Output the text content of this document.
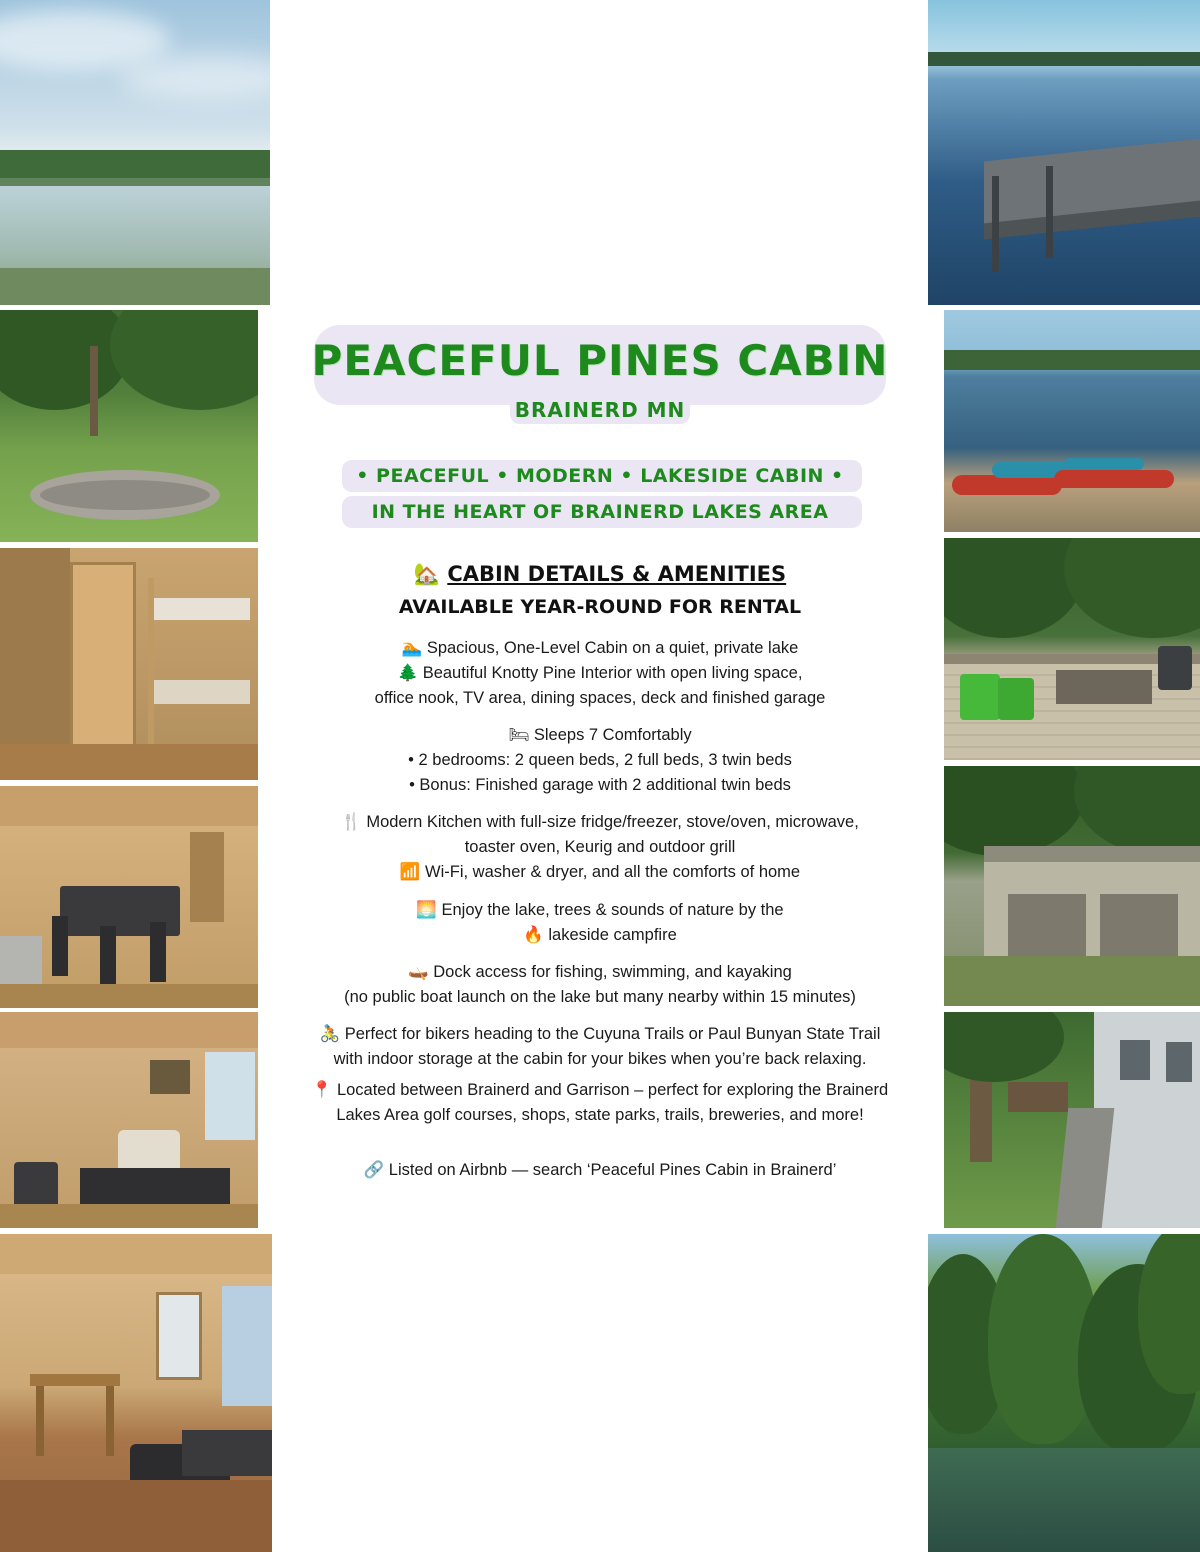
PEACEFUL PINES CABIN
BRAINERD MN
• PEACEFUL • MODERN • LAKESIDE CABIN •
IN THE HEART OF BRAINERD LAKES AREA
🏡 CABIN DETAILS & AMENITIES
AVAILABLE YEAR-ROUND FOR RENTAL
🏊 Spacious, One-Level Cabin on a quiet, private lake
🌲 Beautiful Knotty Pine Interior with open living space,
office nook, TV area, dining spaces, deck and finished garage
🛏 Sleeps 7 Comfortably
• 2 bedrooms: 2 queen beds, 2 full beds, 3 twin beds
• Bonus: Finished garage with 2 additional twin beds
🍴 Modern Kitchen with full-size fridge/freezer, stove/oven, microwave,
toaster oven, Keurig and outdoor grill
📶 Wi-Fi, washer & dryer, and all the comforts of home
🌅 Enjoy the lake, trees & sounds of nature by the
🔥 lakeside campfire
🛶 Dock access for fishing, swimming, and kayaking
(no public boat launch on the lake but many nearby within 15 minutes)
🚴 Perfect for bikers heading to the Cuyuna Trails or Paul Bunyan State Trail
with indoor storage at the cabin for your bikes when you’re back relaxing.
📍 Located between Brainerd and Garrison – perfect for exploring the Brainerd
Lakes Area golf courses, shops, state parks, trails, breweries, and more!
🔗 Listed on Airbnb — search ‘Peaceful Pines Cabin in Brainerd’
